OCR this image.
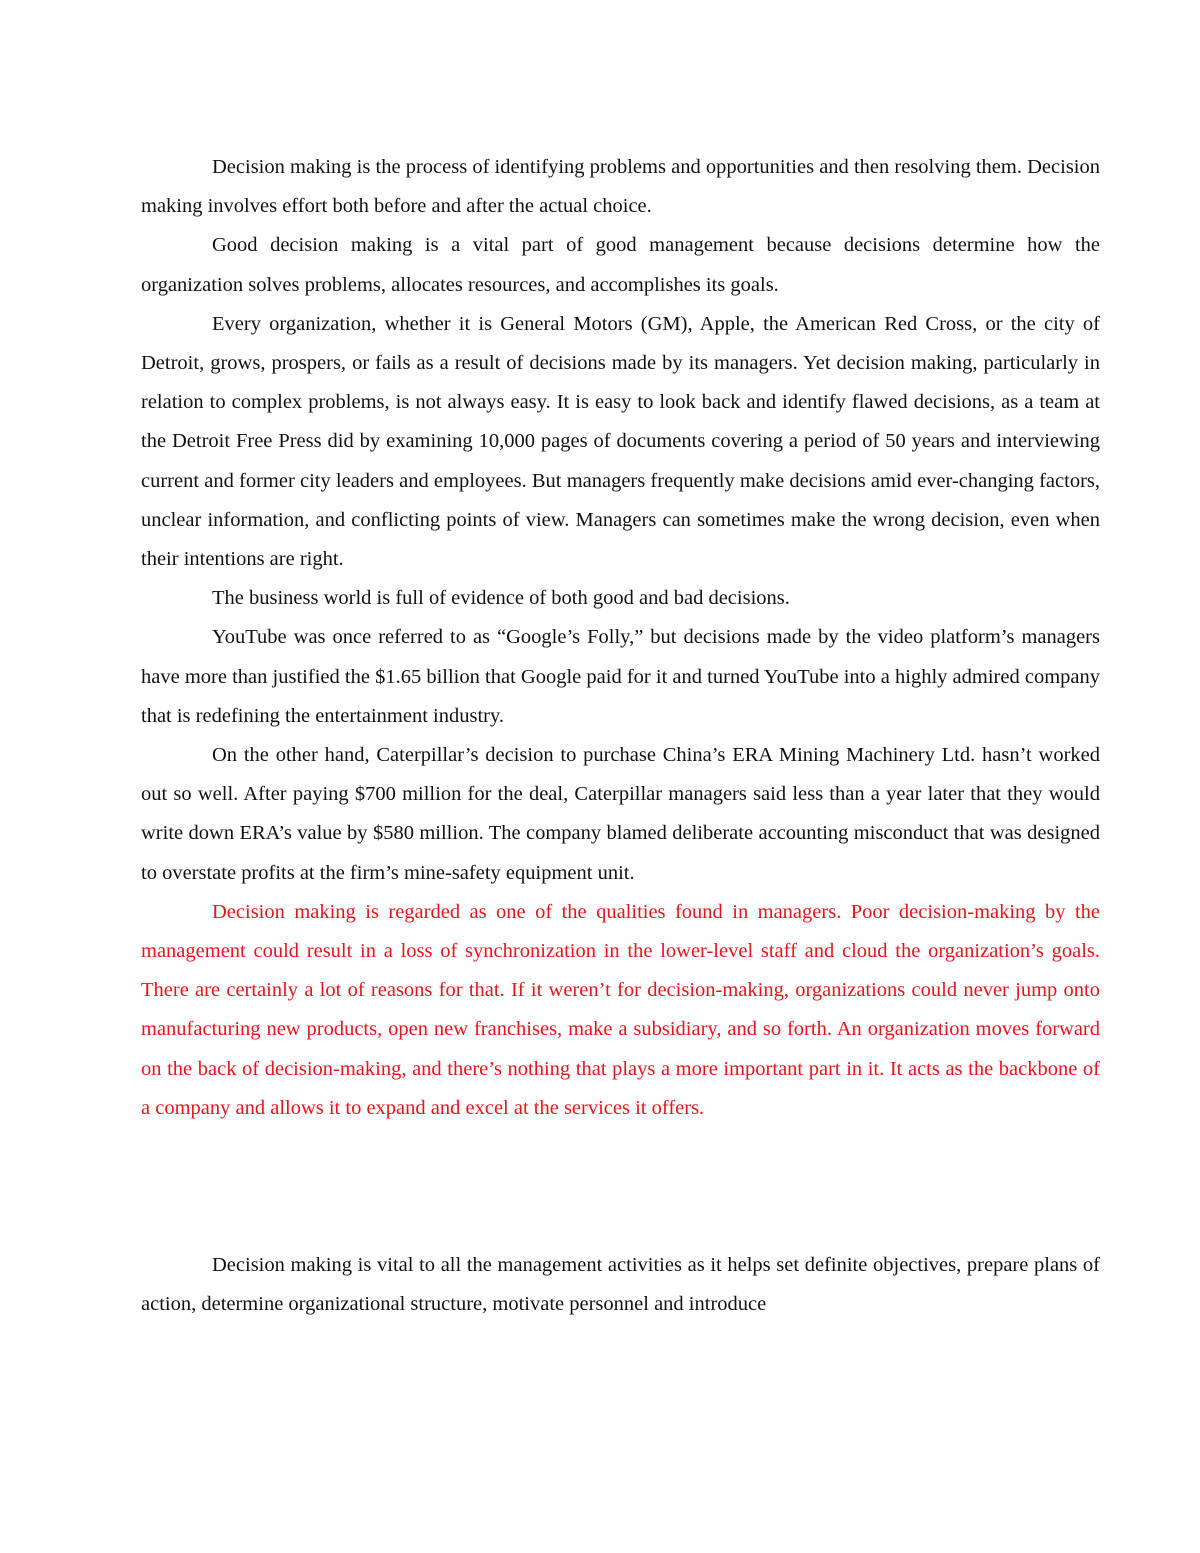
Decision making is the process of identifying problems and opportunities and then resolving them. Decision making involves effort both before and after the actual choice.

Good decision making is a vital part of good management because decisions determine how the organization solves problems, allocates resources, and accomplishes its goals.

Every organization, whether it is General Motors (GM), Apple, the American Red Cross, or the city of Detroit, grows, prospers, or fails as a result of decisions made by its managers. Yet decision making, particularly in relation to complex problems, is not always easy. It is easy to look back and identify flawed decisions, as a team at the Detroit Free Press did by examining 10,000 pages of documents covering a period of 50 years and interviewing current and former city leaders and employees. But managers frequently make decisions amid ever-changing factors, unclear information, and conflicting points of view. Managers can sometimes make the wrong decision, even when their intentions are right.

The business world is full of evidence of both good and bad decisions.

YouTube was once referred to as “Google’s Folly,” but decisions made by the video platform’s managers have more than justified the $1.65 billion that Google paid for it and turned YouTube into a highly admired company that is redefining the entertainment industry.

On the other hand, Caterpillar’s decision to purchase China’s ERA Mining Machinery Ltd. hasn’t worked out so well. After paying $700 million for the deal, Caterpillar managers said less than a year later that they would write down ERA’s value by $580 million. The company blamed deliberate accounting misconduct that was designed to overstate profits at the firm’s mine-safety equipment unit.

Decision making is regarded as one of the qualities found in managers. Poor decision-making by the management could result in a loss of synchronization in the lower-level staff and cloud the organization’s goals. There are certainly a lot of reasons for that. If it weren’t for decision-making, organizations could never jump onto manufacturing new products, open new franchises, make a subsidiary, and so forth. An organization moves forward on the back of decision-making, and there’s nothing that plays a more important part in it. It acts as the backbone of a company and allows it to expand and excel at the services it offers.

Decision making is vital to all the management activities as it helps set definite objectives, prepare plans of action, determine organizational structure, motivate personnel and introduce
